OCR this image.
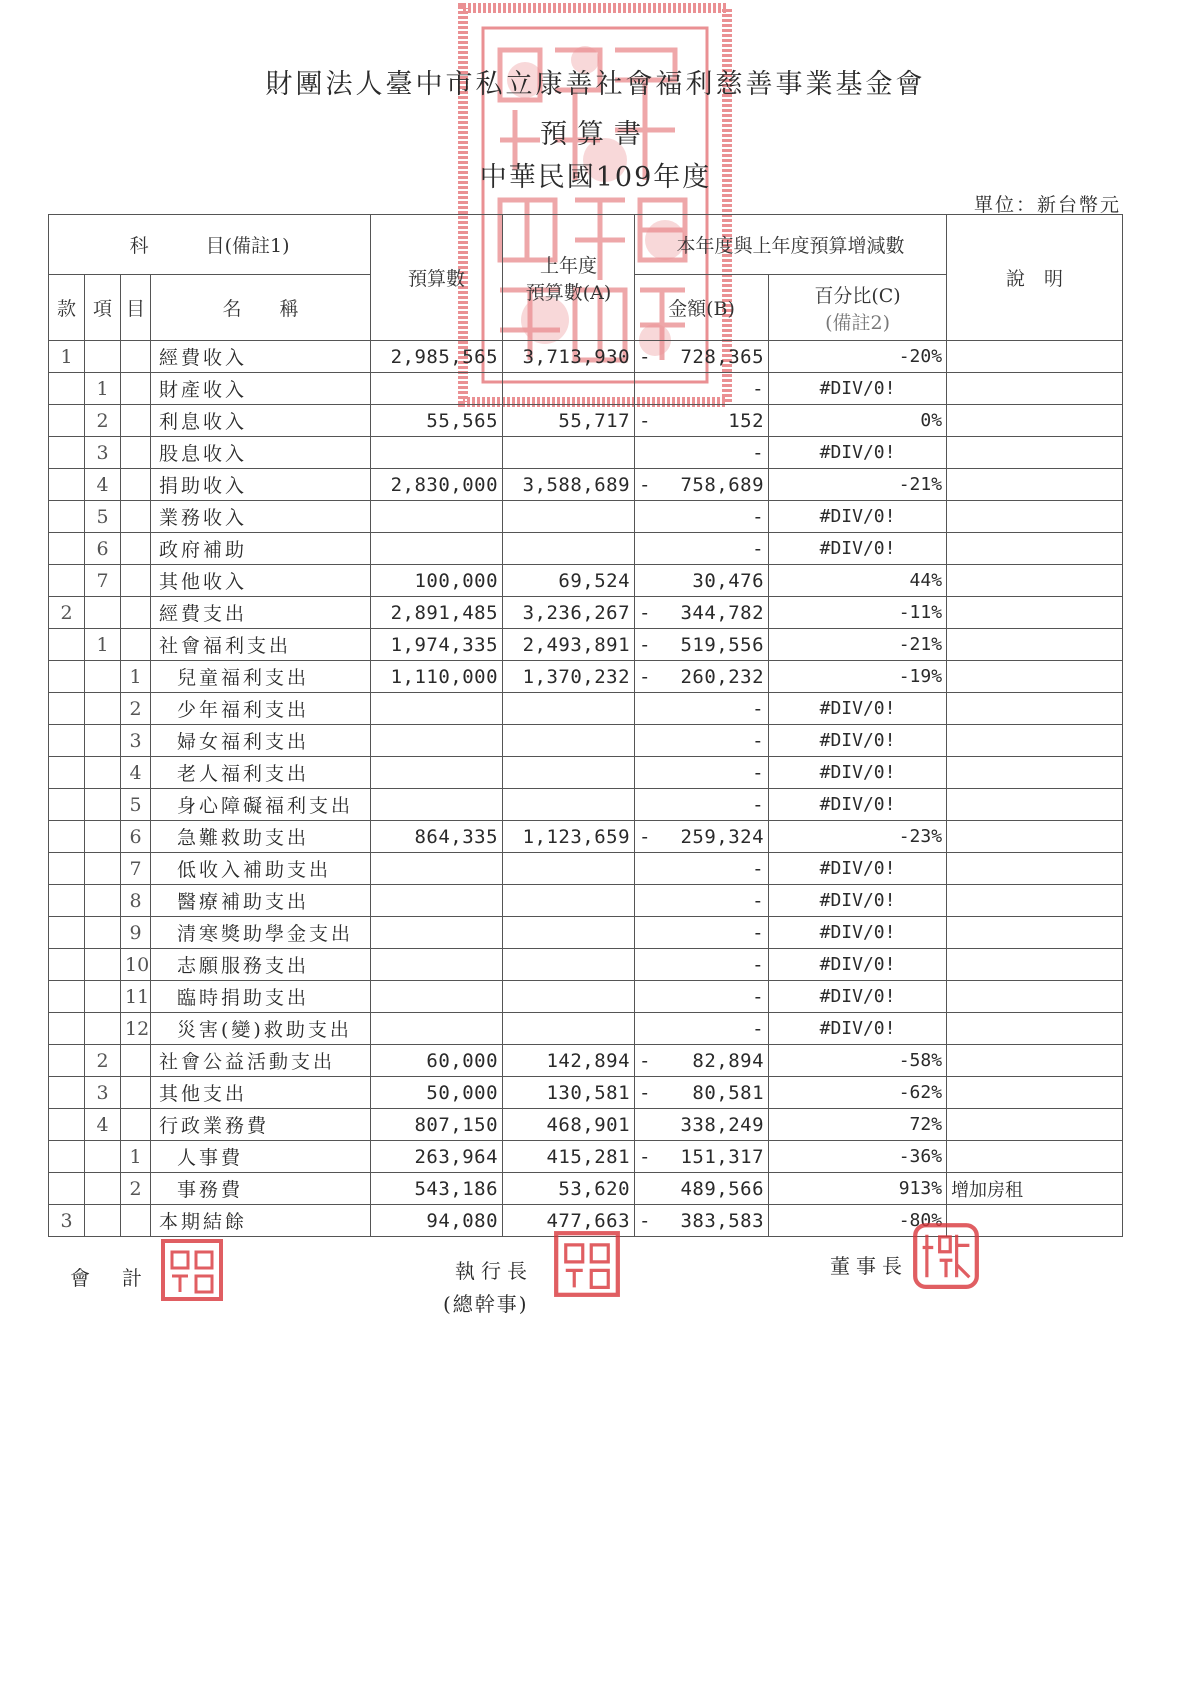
財團法人臺中市私立康善社會福利慈善事業基金會
預算書
中華民國109年度
單位：新台幣元
科　　　目(備註1)				預算數	上年度
預算數(A)	本年度與上年度預算增減數		說　明
款	項	目	名　　稱			金額(B)	百分比(C)
(備註2)	

1			經費收入	2,985,565	3,713,930	- 728,365	-20%	
	1		財產收入			-	#DIV/0!	
	2		利息收入	55,565	55,717	- 152	0%	
	3		股息收入			-	#DIV/0!	
	4		捐助收入	2,830,000	3,588,689	- 758,689	-21%	
	5		業務收入			-	#DIV/0!	
	6		政府補助			-	#DIV/0!	
	7		其他收入	100,000	69,524	30,476	44%	
2			經費支出	2,891,485	3,236,267	- 344,782	-11%	
	1		社會福利支出	1,974,335	2,493,891	- 519,556	-21%	
		1	兒童福利支出	1,110,000	1,370,232	- 260,232	-19%	
		2	少年福利支出			-	#DIV/0!	
		3	婦女福利支出			-	#DIV/0!	
		4	老人福利支出			-	#DIV/0!	
		5	身心障礙福利支出			-	#DIV/0!	
		6	急難救助支出	864,335	1,123,659	- 259,324	-23%	
		7	低收入補助支出			-	#DIV/0!	
		8	醫療補助支出			-	#DIV/0!	
		9	清寒獎助學金支出			-	#DIV/0!	
		10	志願服務支出			-	#DIV/0!	
		11	臨時捐助支出			-	#DIV/0!	
		12	災害(變)救助支出			-	#DIV/0!	
	2		社會公益活動支出	60,000	142,894	- 82,894	-58%	
	3		其他支出	50,000	130,581	- 80,581	-62%	
	4		行政業務費	807,150	468,901	338,249	72%	
		1	人事費	263,964	415,281	- 151,317	-36%	
		2	事務費	543,186	53,620	489,566	913%	增加房租
3			本期結餘	94,080	477,663	- 383,583	-80%	
會　計	執行長
(總幹事)
董事長
